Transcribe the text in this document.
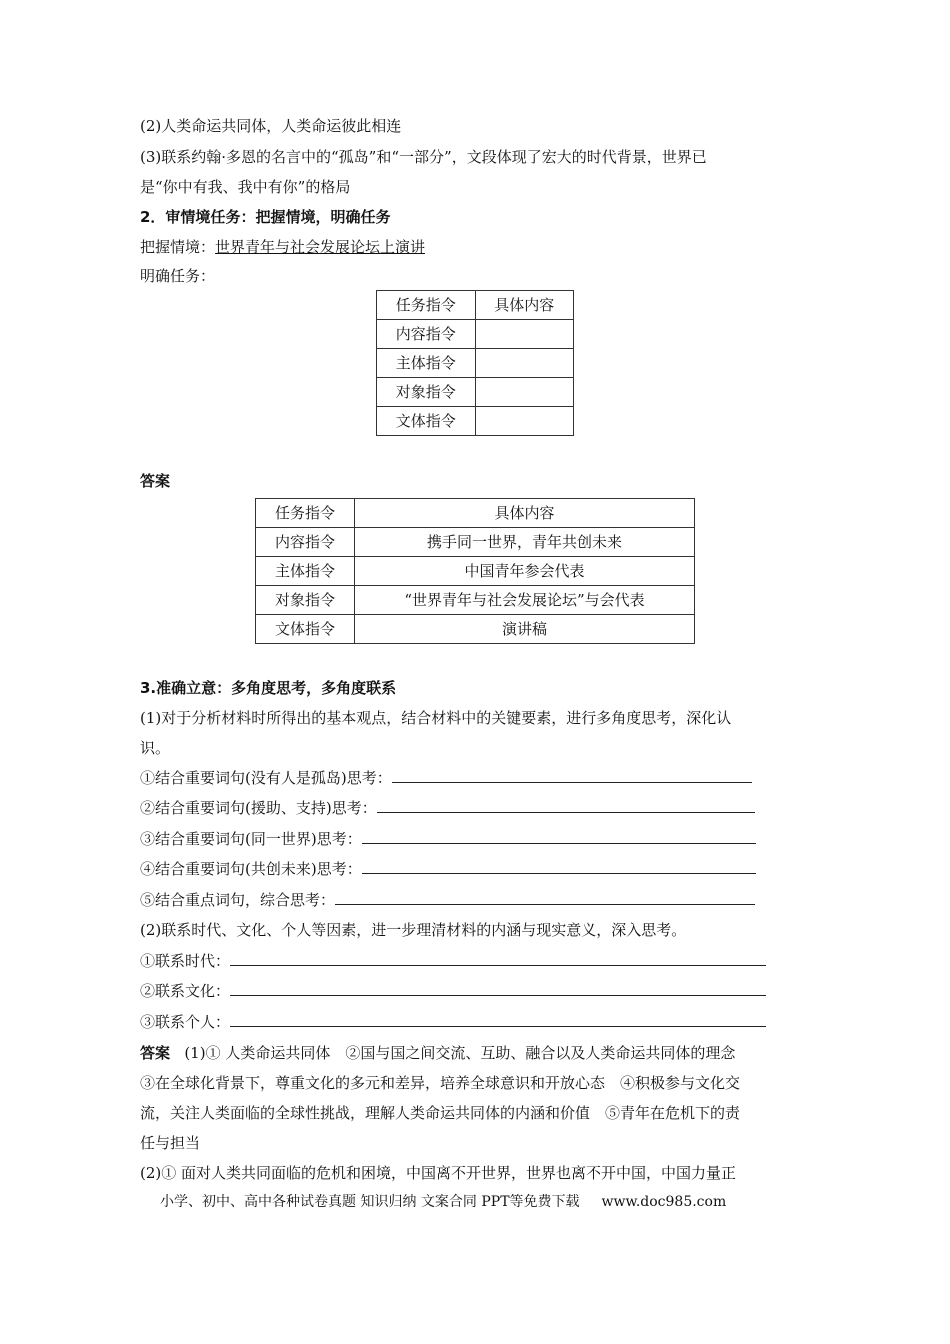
(2)人类命运共同体，人类命运彼此相连
(3)联系约翰·多恩的名言中的“孤岛”和“一部分”，文段体现了宏大的时代背景，世界已
是“你中有我、我中有你”的格局
2．审情境任务：把握情境，明确任务
把握情境：世界青年与社会发展论坛上演讲
明确任务：
任务指令	具体内容
内容指令	
主体指令	
对象指令	
文体指令	
答案
任务指令	具体内容
内容指令	携手同一世界，青年共创未来
主体指令	中国青年参会代表
对象指令	“世界青年与社会发展论坛”与会代表
文体指令	演讲稿
3.准确立意：多角度思考，多角度联系
(1)对于分析材料时所得出的基本观点，结合材料中的关键要素，进行多角度思考，深化认
识。
①结合重要词句(没有人是孤岛)思考：
②结合重要词句(援助、支持)思考：
③结合重要词句(同一世界)思考：
④结合重要词句(共创未来)思考：
⑤结合重点词句，综合思考：
(2)联系时代、文化、个人等因素，进一步理清材料的内涵与现实意义，深入思考。
①联系时代：
②联系文化：
③联系个人：
答案 (1)① 人类命运共同体　②国与国之间交流、互助、融合以及人类命运共同体的理念
③在全球化背景下，尊重文化的多元和差异，培养全球意识和开放心态　④积极参与文化交
流，关注人类面临的全球性挑战，理解人类命运共同体的内涵和价值　⑤青年在危机下的责
任与担当
(2)① 面对人类共同面临的危机和困境，中国离不开世界，世界也离不开中国，中国力量正
小学、初中、高中各种试卷真题 知识归纳 文案合同 PPT等免费下载 www.doc985.com
